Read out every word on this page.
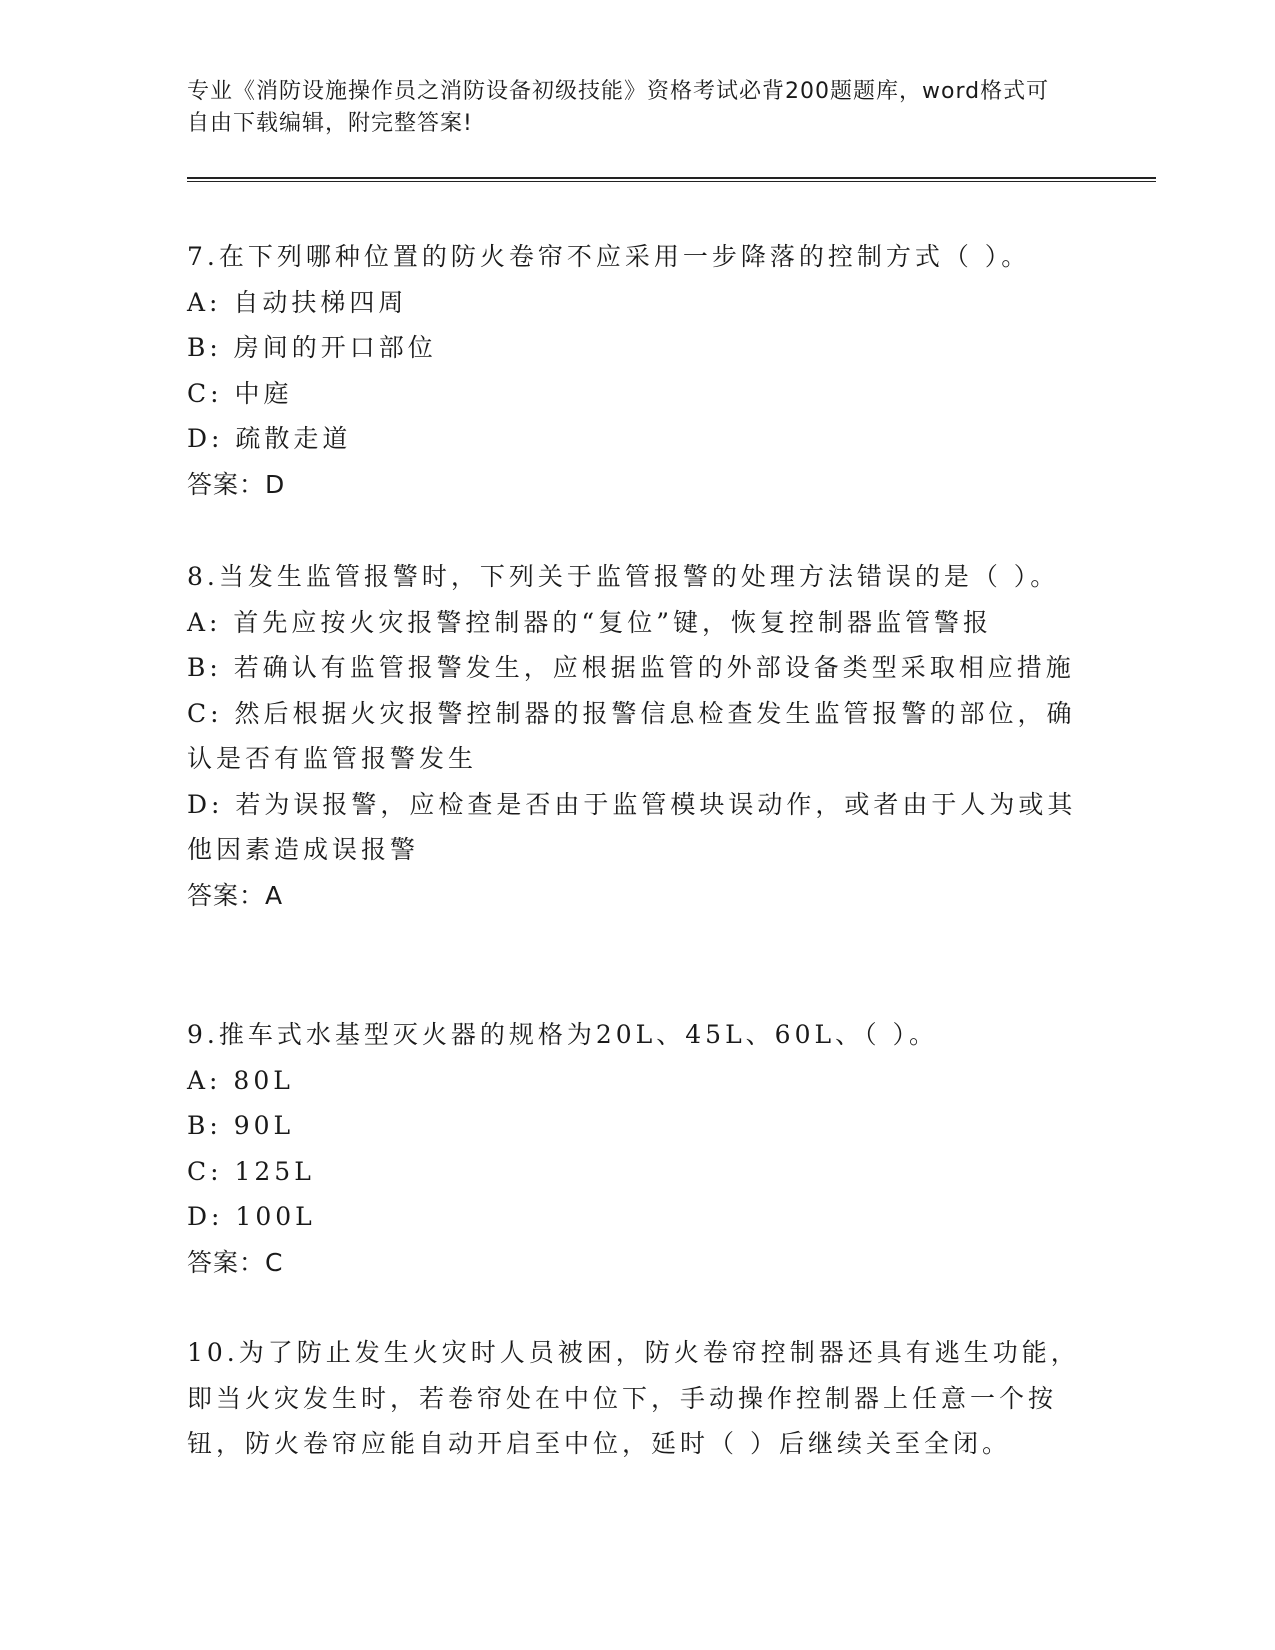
专业《消防设施操作员之消防设备初级技能》资格考试必背200题题库，word格式可自由下载编辑，附完整答案!

7.在下列哪种位置的防火卷帘不应采用一步降落的控制方式（ ）。

A: 自动扶梯四周

B: 房间的开口部位

C: 中庭

D: 疏散走道

答案：D

8.当发生监管报警时，下列关于监管报警的处理方法错误的是（ ）。

A: 首先应按火灾报警控制器的“复位”键，恢复控制器监管警报

B: 若确认有监管报警发生，应根据监管的外部设备类型采取相应措施

C: 然后根据火灾报警控制器的报警信息检查发生监管报警的部位，确认是否有监管报警发生

D: 若为误报警，应检查是否由于监管模块误动作，或者由于人为或其他因素造成误报警

答案：A

9.推车式水基型灭火器的规格为20L、45L、60L、（ ）。

A: 80L

B: 90L

C: 125L

D: 100L

答案：C

10.为了防止发生火灾时人员被困，防火卷帘控制器还具有逃生功能，即当火灾发生时，若卷帘处在中位下，手动操作控制器上任意一个按钮，防火卷帘应能自动开启至中位，延时（ ）后继续关至全闭。
